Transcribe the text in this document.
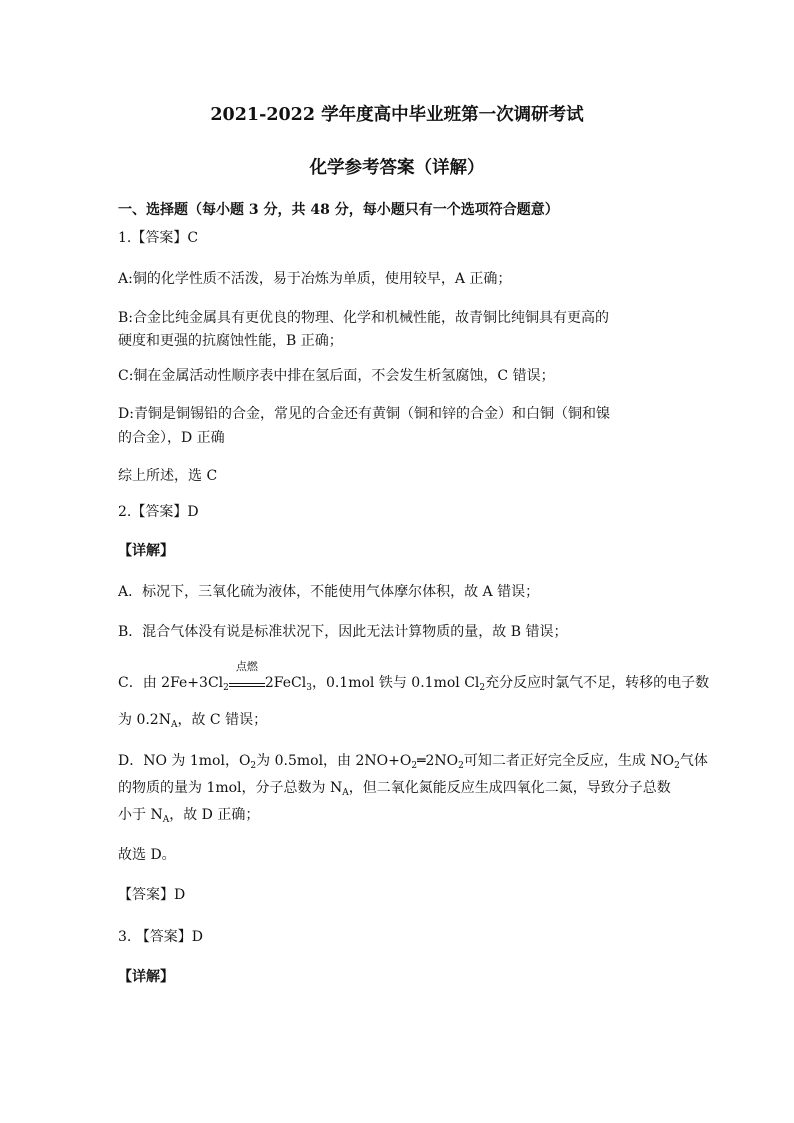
2021-2022 学年度高中毕业班第一次调研考试
化学参考答案（详解）
一、选择题（每小题 3 分，共 48 分，每小题只有一个选项符合题意）
1.【答案】C
A:铜的化学性质不活泼，易于冶炼为单质，使用较早，A 正确；
B:合金比纯金属具有更优良的物理、化学和机械性能，故青铜比纯铜具有更高的
硬度和更强的抗腐蚀性能，B 正确；
C:铜在金属活动性顺序表中排在氢后面，不会发生析氢腐蚀，C 错误；
D:青铜是铜锡铅的合金，常见的合金还有黄铜（铜和锌的合金）和白铜（铜和镍
的合金），D 正确
综上所述，选 C
2.【答案】D
【详解】
A．标况下，三氧化硫为液体，不能使用气体摩尔体积，故 A 错误；
B．混合气体没有说是标准状况下，因此无法计算物质的量，故 B 错误；
C．由 $2Fe+3Cl_2$
点燃
2FeCl$_3$，0.1mol 铁与 0.1mol $Cl_2$充分反应时氯气不足，转移的电子数
为 $0.2N_A$，故 C 错误；
D．NO 为 1mol，$O_2$为 0.5mol，由 $2NO+O_2═2NO_2$可知二者正好完全反应，生成 $NO_2$气体
的物质的量为 1mol，分子总数为 $N_A$，但二氧化氮能反应生成四氧化二氮，导致分子总数
小于 $N_A$，故 D 正确；
故选 D。
【答案】D
3. 【答案】D
【详解】
